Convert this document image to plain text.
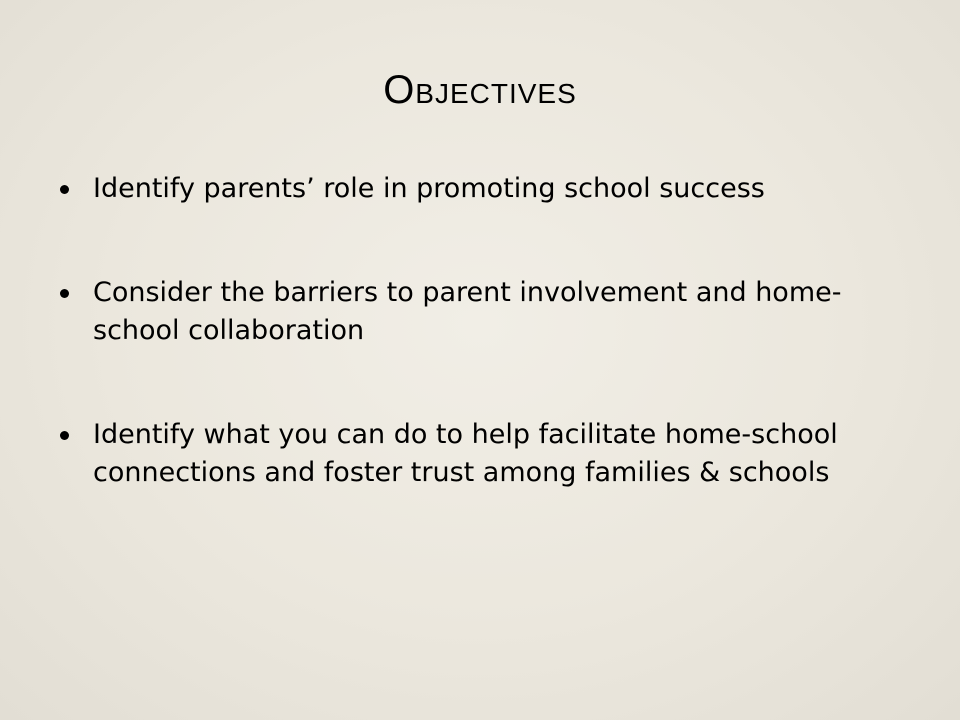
Objectives
Identify parents’ role in promoting school success
Consider the barriers to parent involvement and home-school collaboration
Identify what you can do to help facilitate home-school connections and foster trust among families & schools
